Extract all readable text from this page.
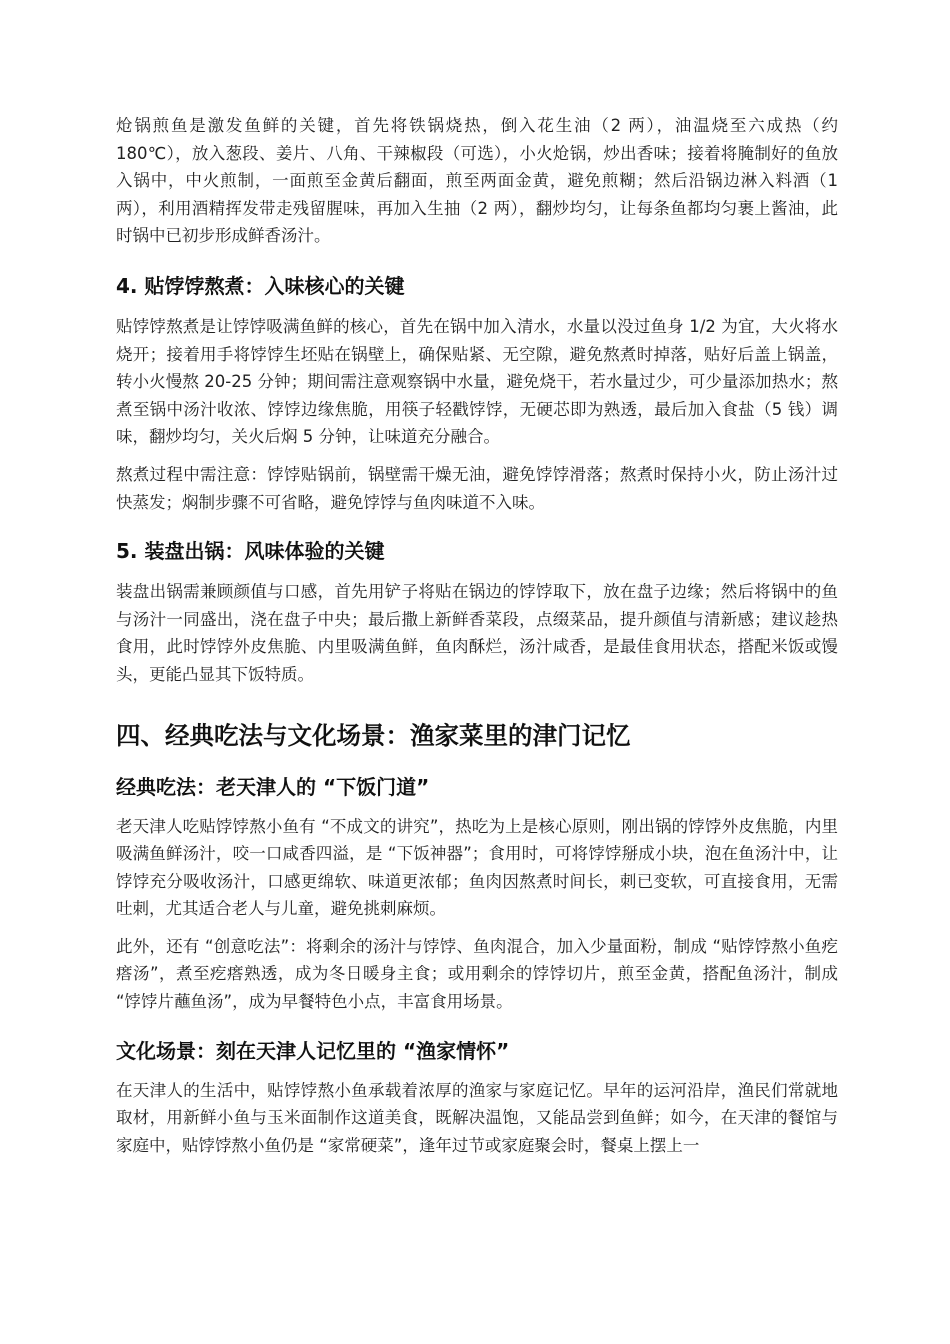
炝锅煎鱼是激发鱼鲜的关键，首先将铁锅烧热，倒入花生油（2 两），油温烧至六成热（约 180℃），放入葱段、姜片、八角、干辣椒段（可选），小火炝锅，炒出香味；接着将腌制好的鱼放入锅中，中火煎制，一面煎至金黄后翻面，煎至两面金黄，避免煎糊；然后沿锅边淋入料酒（1 两），利用酒精挥发带走残留腥味，再加入生抽（2 两），翻炒均匀，让每条鱼都均匀裹上酱油，此时锅中已初步形成鲜香汤汁。

4. 贴饽饽熬煮：入味核心的关键

贴饽饽熬煮是让饽饽吸满鱼鲜的核心，首先在锅中加入清水，水量以没过鱼身 1/2 为宜，大火将水烧开；接着用手将饽饽生坯贴在锅壁上，确保贴紧、无空隙，避免熬煮时掉落，贴好后盖上锅盖，转小火慢熬 20-25 分钟；期间需注意观察锅中水量，避免烧干，若水量过少，可少量添加热水；熬煮至锅中汤汁收浓、饽饽边缘焦脆，用筷子轻戳饽饽，无硬芯即为熟透，最后加入食盐（5 钱）调味，翻炒均匀，关火后焖 5 分钟，让味道充分融合。

熬煮过程中需注意：饽饽贴锅前，锅壁需干燥无油，避免饽饽滑落；熬煮时保持小火，防止汤汁过快蒸发；焖制步骤不可省略，避免饽饽与鱼肉味道不入味。

5. 装盘出锅：风味体验的关键

装盘出锅需兼顾颜值与口感，首先用铲子将贴在锅边的饽饽取下，放在盘子边缘；然后将锅中的鱼与汤汁一同盛出，浇在盘子中央；最后撒上新鲜香菜段，点缀菜品，提升颜值与清新感；建议趁热食用，此时饽饽外皮焦脆、内里吸满鱼鲜，鱼肉酥烂，汤汁咸香，是最佳食用状态，搭配米饭或馒头，更能凸显其下饭特质。

四、经典吃法与文化场景：渔家菜里的津门记忆
经典吃法：老天津人的 “下饭门道”

老天津人吃贴饽饽熬小鱼有 “不成文的讲究”，热吃为上是核心原则，刚出锅的饽饽外皮焦脆，内里吸满鱼鲜汤汁，咬一口咸香四溢，是 “下饭神器”；食用时，可将饽饽掰成小块，泡在鱼汤汁中，让饽饽充分吸收汤汁，口感更绵软、味道更浓郁；鱼肉因熬煮时间长，刺已变软，可直接食用，无需吐刺，尤其适合老人与儿童，避免挑刺麻烦。

此外，还有 “创意吃法”：将剩余的汤汁与饽饽、鱼肉混合，加入少量面粉，制成 “贴饽饽熬小鱼疙瘩汤”，煮至疙瘩熟透，成为冬日暖身主食；或用剩余的饽饽切片，煎至金黄，搭配鱼汤汁，制成 “饽饽片蘸鱼汤”，成为早餐特色小点，丰富食用场景。

文化场景：刻在天津人记忆里的 “渔家情怀”

在天津人的生活中，贴饽饽熬小鱼承载着浓厚的渔家与家庭记忆。早年的运河沿岸，渔民们常就地取材，用新鲜小鱼与玉米面制作这道美食，既解决温饱，又能品尝到鱼鲜；如今，在天津的餐馆与家庭中，贴饽饽熬小鱼仍是 “家常硬菜”，逢年过节或家庭聚会时，餐桌上摆上一
